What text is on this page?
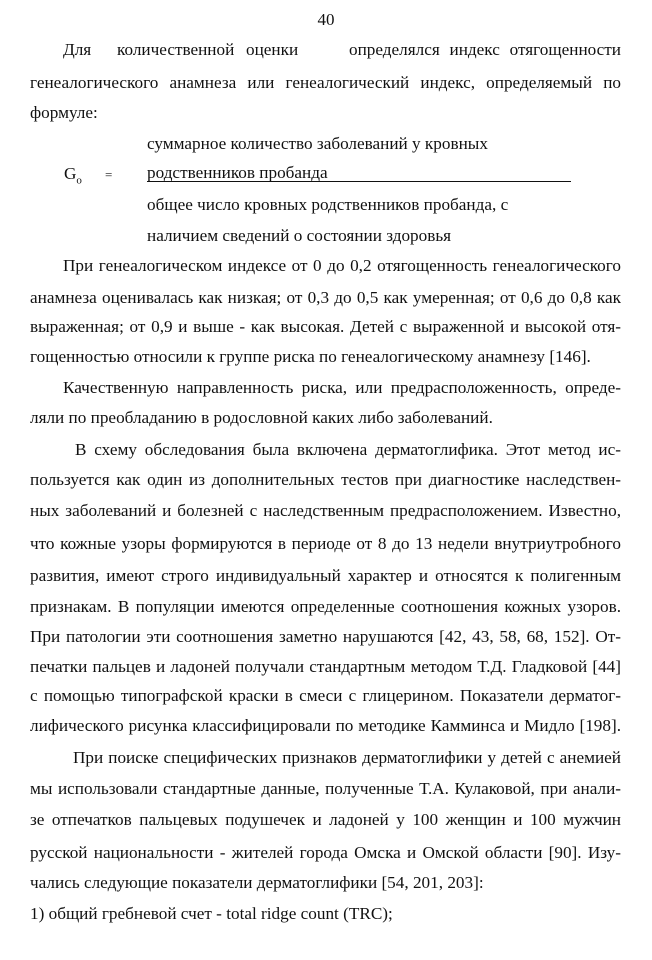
40
Для количественной оценки	определялся индекс отягощенности
генеалогического анамнеза или генеалогический индекс, определяемый по
формуле:
$G_o$ =
суммарное количество заболеваний у кровных
родственников пробанда
общее число кровных родственников пробанда, с
наличием сведений о состоянии здоровья
При генеалогическом индексе от 0 до 0,2 отягощенность генеалогического
анамнеза оценивалась как низкая; от 0,3 до 0,5 как умеренная; от 0,6 до 0,8 как
выраженная; от 0,9 и выше - как высокая. Детей с выраженной и высокой отя-
гощенностью относили к группе риска по генеалогическому анамнезу [146].
Качественную направленность риска, или предрасположенность, опреде-
ляли по преобладанию в родословной каких либо заболеваний.
В схему обследования была включена дерматоглифика. Этот метод ис-
пользуется как один из дополнительных тестов при диагностике наследствен-
ных заболеваний и болезней с наследственным предрасположением. Известно,
что кожные узоры формируются в периоде от 8 до 13 недели внутриутробного
развития, имеют строго индивидуальный характер и относятся к полигенным
признакам. В популяции имеются определенные соотношения кожных узоров.
При патологии эти соотношения заметно нарушаются [42, 43, 58, 68, 152]. От-
печатки пальцев и ладоней получали стандартным методом Т.Д. Гладковой [44]
с помощью типографской краски в смеси с глицерином. Показатели дерматог-
лифического рисунка классифицировали по методике Камминса и Мидло [198].
При поиске специфических признаков дерматоглифики у детей с анемией
мы использовали стандартные данные, полученные Т.А. Кулаковой, при анали-
зе отпечатков пальцевых подушечек и ладоней у 100 женщин и 100 мужчин
русской национальности - жителей города Омска и Омской области [90]. Изу-
чались следующие показатели дерматоглифики [54, 201, 203]:
1) общий гребневой счет - total ridge count (TRC);
